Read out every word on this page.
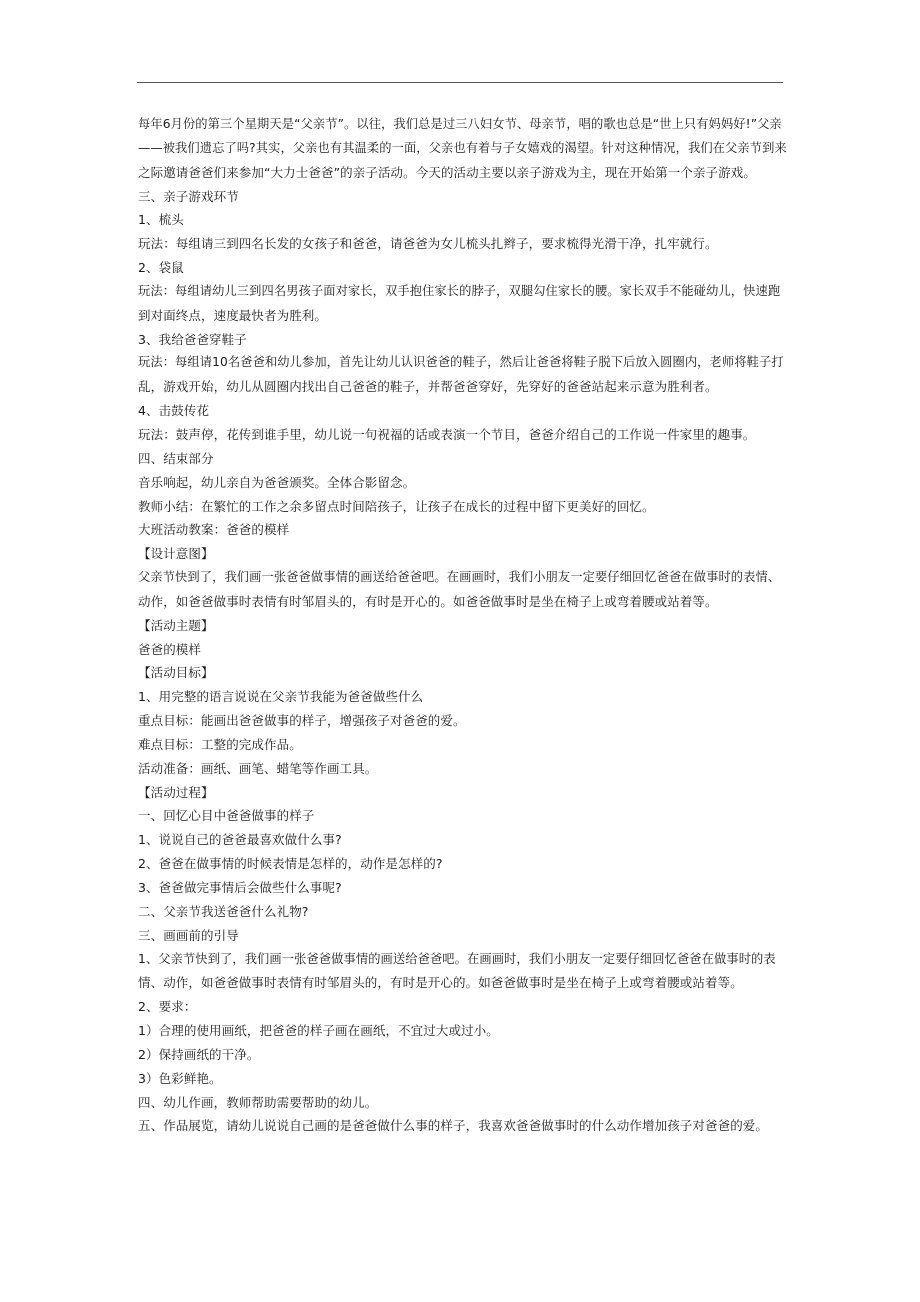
每年6月份的第三个星期天是“父亲节”。以往，我们总是过三八妇女节、母亲节，唱的歌也总是“世上只有妈妈好!”父亲
——被我们遗忘了吗?其实，父亲也有其温柔的一面，父亲也有着与子女嬉戏的渴望。针对这种情况，我们在父亲节到来
之际邀请爸爸们来参加“大力士爸爸”的亲子活动。今天的活动主要以亲子游戏为主，现在开始第一个亲子游戏。
三、亲子游戏环节
1、梳头
玩法：每组请三到四名长发的女孩子和爸爸，请爸爸为女儿梳头扎辫子，要求梳得光滑干净，扎牢就行。
2、袋鼠
玩法：每组请幼儿三到四名男孩子面对家长，双手抱住家长的脖子，双腿勾住家长的腰。家长双手不能碰幼儿，快速跑
到对面终点，速度最快者为胜利。
3、我给爸爸穿鞋子
玩法：每组请10名爸爸和幼儿参加，首先让幼儿认识爸爸的鞋子，然后让爸爸将鞋子脱下后放入圆圈内，老师将鞋子打
乱，游戏开始，幼儿从圆圈内找出自己爸爸的鞋子，并帮爸爸穿好，先穿好的爸爸站起来示意为胜利者。
4、击鼓传花
玩法：鼓声停，花传到谁手里，幼儿说一句祝福的话或表演一个节目，爸爸介绍自己的工作说一件家里的趣事。
四、结束部分
音乐响起，幼儿亲自为爸爸颁奖。全体合影留念。
教师小结：在繁忙的工作之余多留点时间陪孩子，让孩子在成长的过程中留下更美好的回忆。
大班活动教案：爸爸的模样
【设计意图】
父亲节快到了，我们画一张爸爸做事情的画送给爸爸吧。在画画时，我们小朋友一定要仔细回忆爸爸在做事时的表情、
动作，如爸爸做事时表情有时邹眉头的，有时是开心的。如爸爸做事时是坐在椅子上或弯着腰或站着等。
【活动主题】
爸爸的模样
【活动目标】
1、用完整的语言说说在父亲节我能为爸爸做些什么
重点目标：能画出爸爸做事的样子，增强孩子对爸爸的爱。
难点目标：工整的完成作品。
活动准备：画纸、画笔、蜡笔等作画工具。
【活动过程】
一、回忆心目中爸爸做事的样子
1、说说自己的爸爸最喜欢做什么事?
2、爸爸在做事情的时候表情是怎样的，动作是怎样的?
3、爸爸做完事情后会做些什么事呢?
二、父亲节我送爸爸什么礼物?
三、画画前的引导
1、父亲节快到了，我们画一张爸爸做事情的画送给爸爸吧。在画画时，我们小朋友一定要仔细回忆爸爸在做事时的表
情、动作，如爸爸做事时表情有时邹眉头的，有时是开心的。如爸爸做事时是坐在椅子上或弯着腰或站着等。
2、要求：
1）合理的使用画纸，把爸爸的样子画在画纸，不宜过大或过小。
2）保持画纸的干净。
3）色彩鲜艳。
四、幼儿作画，教师帮助需要帮助的幼儿。
五、作品展览，请幼儿说说自己画的是爸爸做什么事的样子，我喜欢爸爸做事时的什么动作增加孩子对爸爸的爱。
